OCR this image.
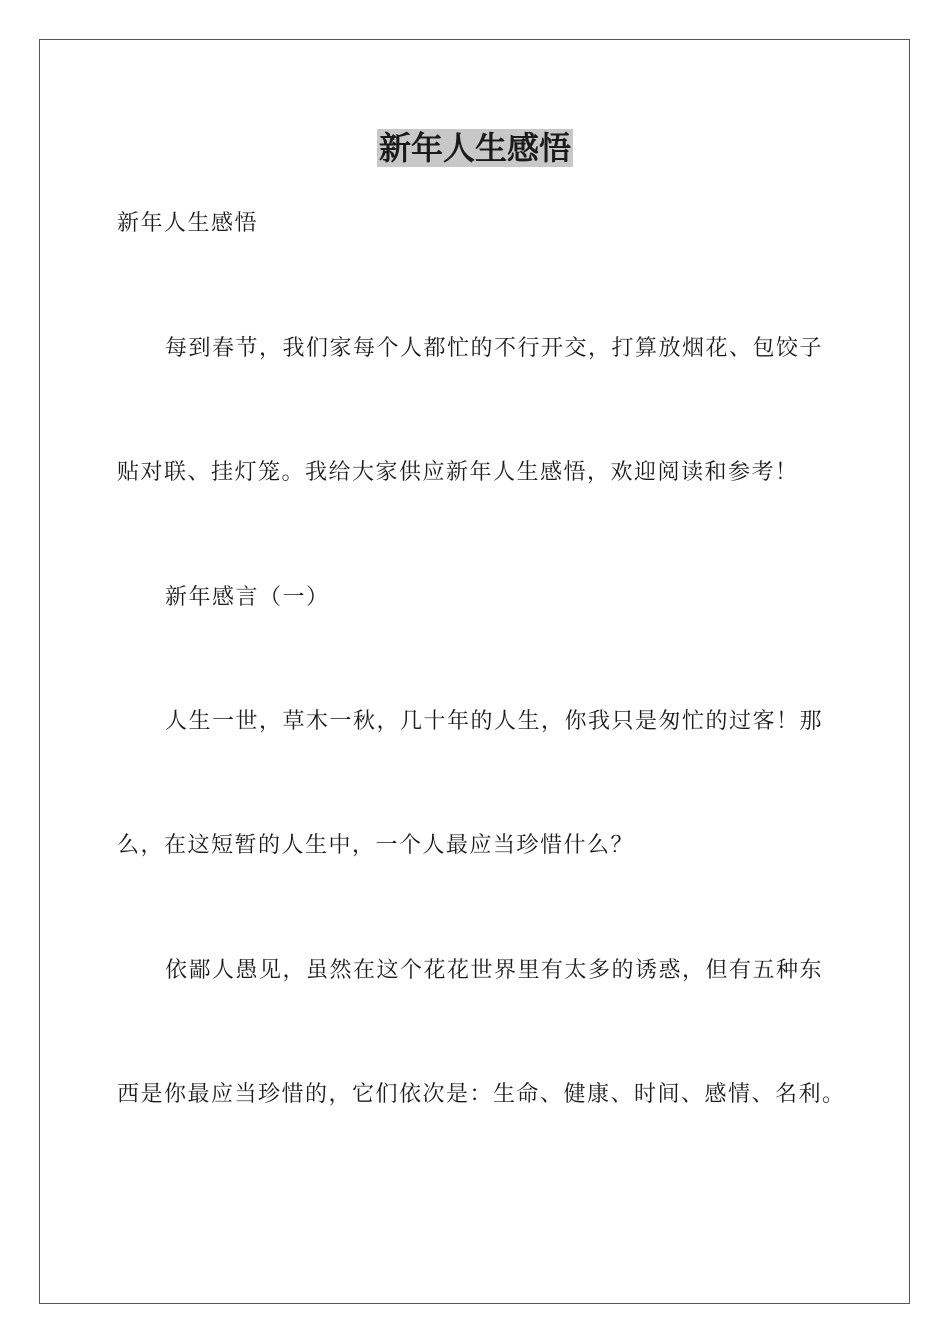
新年人生感悟

新年人生感悟

每到春节，我们家每个人都忙的不行开交，打算放烟花、包饺子

贴对联、挂灯笼。我给大家供应新年人生感悟，欢迎阅读和参考！

新年感言（一）

人生一世，草木一秋，几十年的人生，你我只是匆忙的过客！那

么，在这短暂的人生中，一个人最应当珍惜什么？

依鄙人愚见，虽然在这个花花世界里有太多的诱惑，但有五种东

西是你最应当珍惜的，它们依次是：生命、健康、时间、感情、名利。
